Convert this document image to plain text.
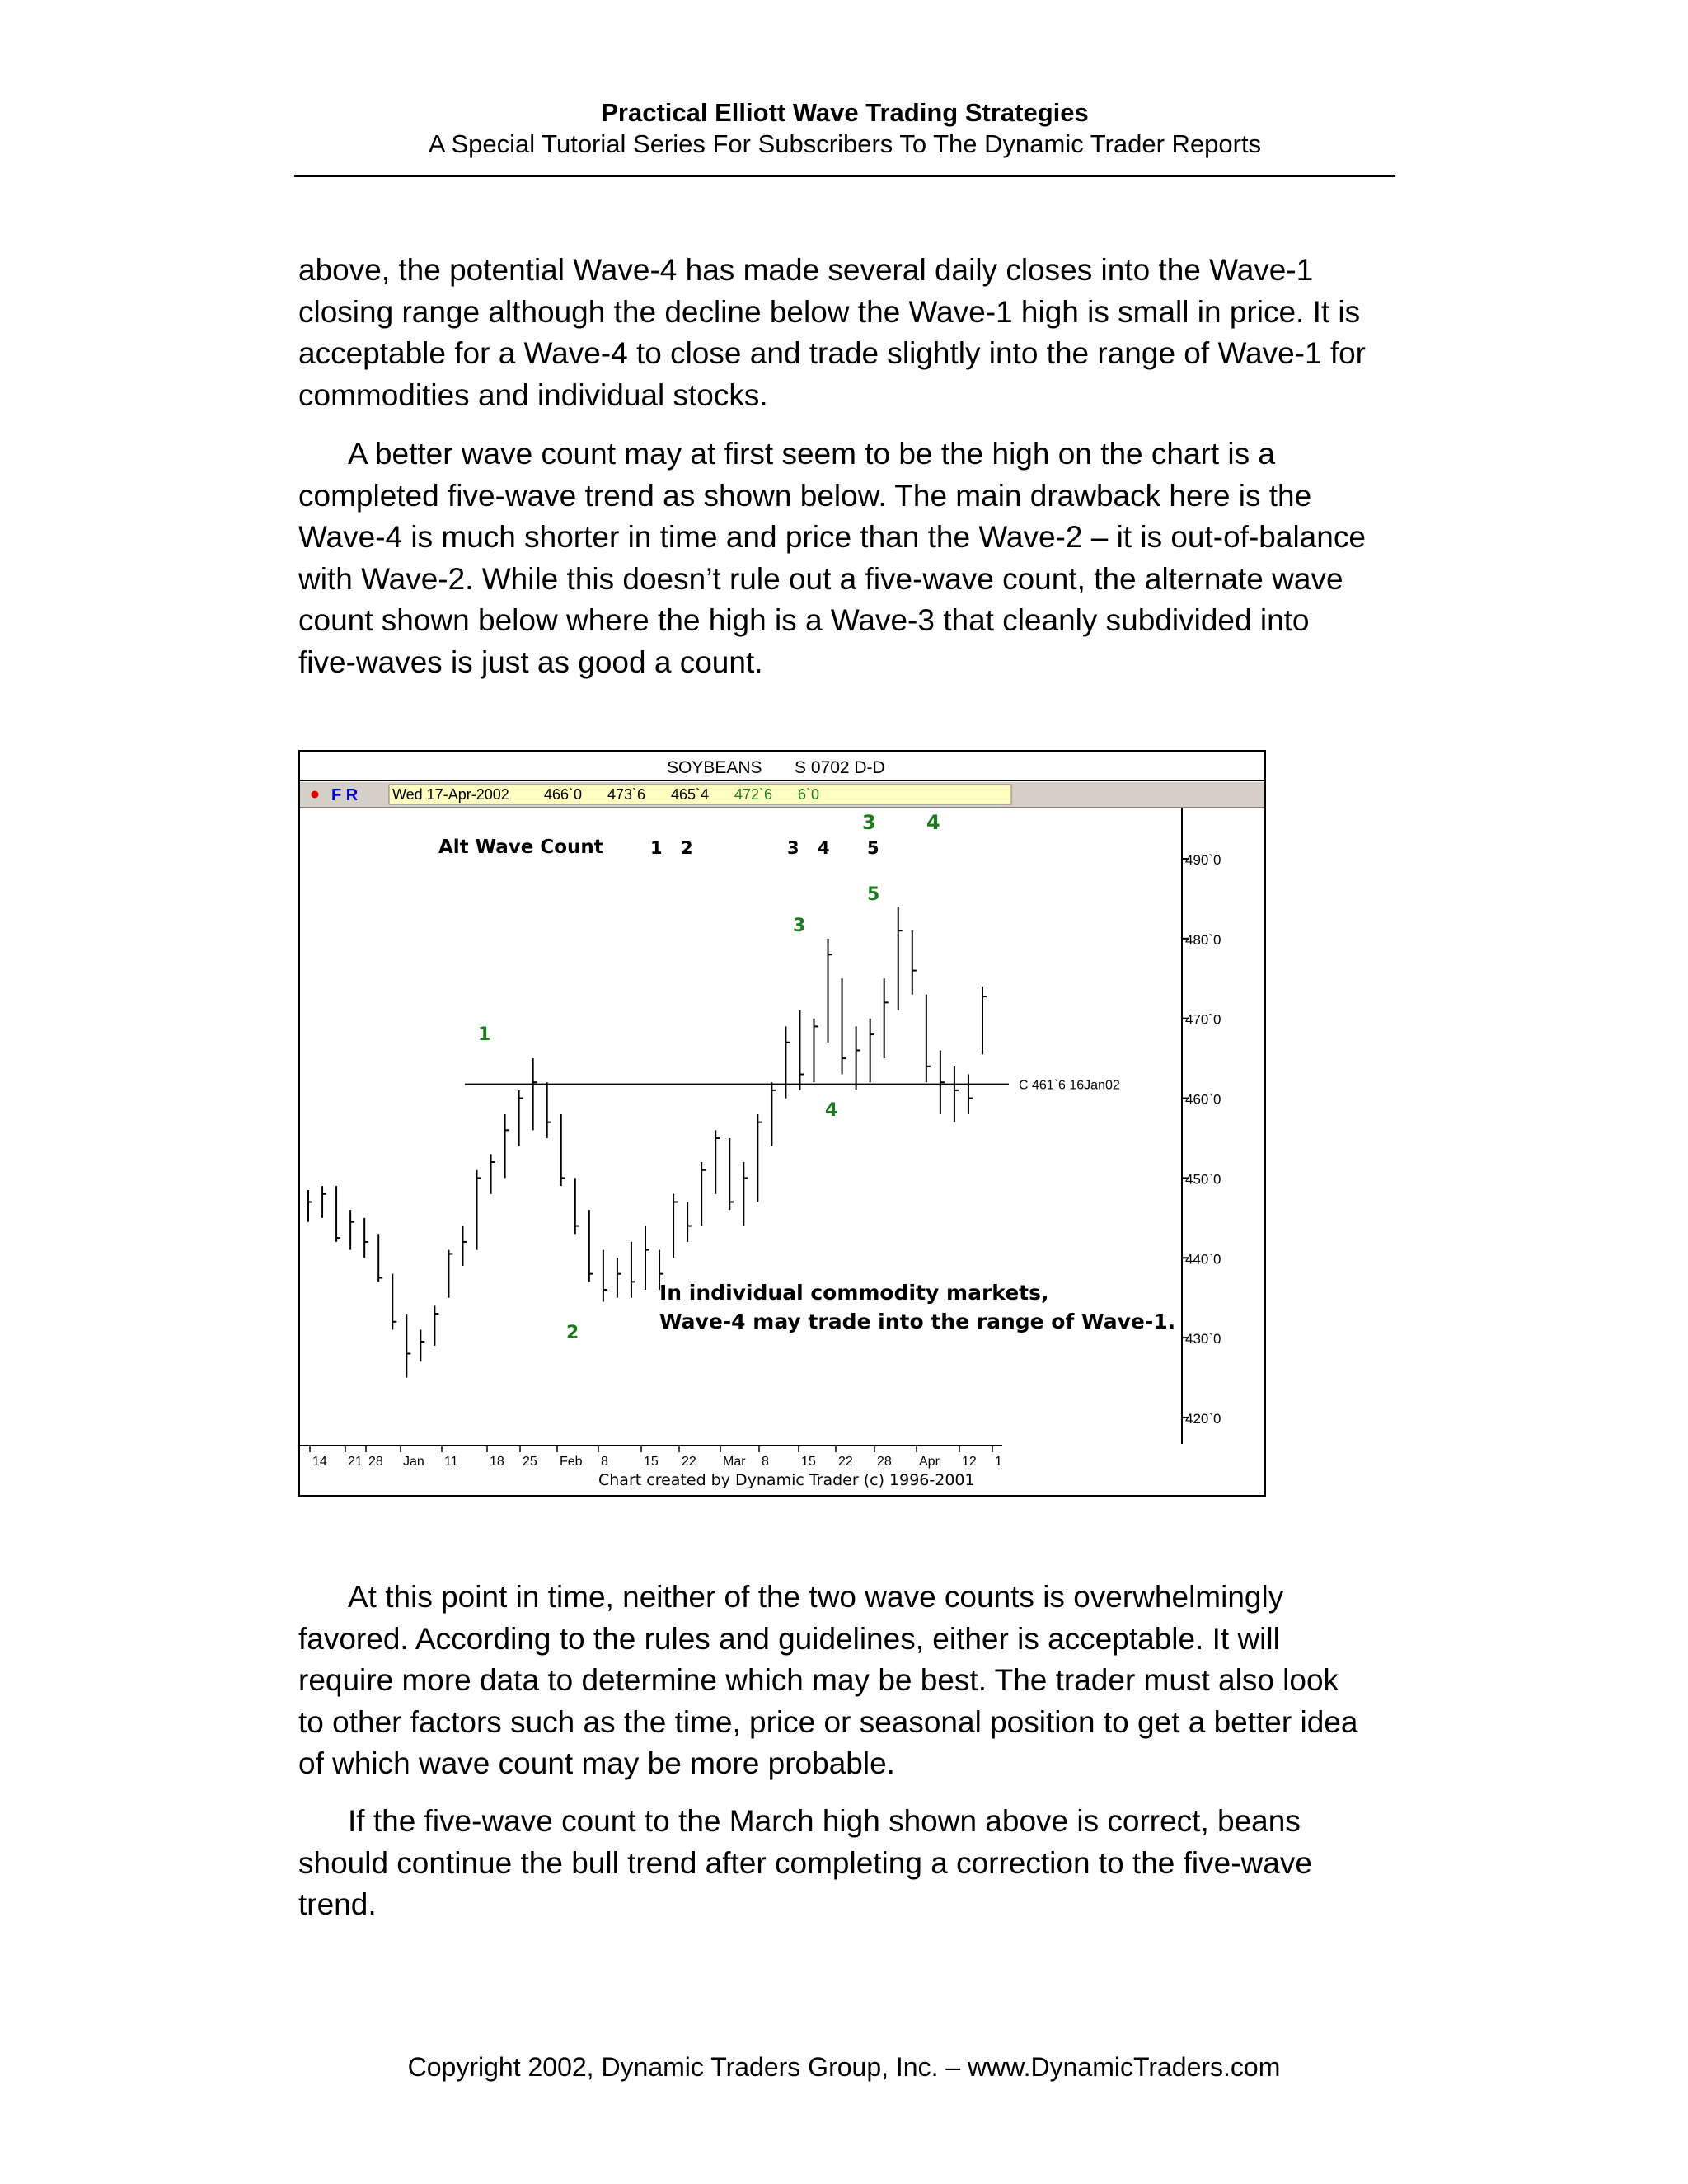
Practical Elliott Wave Trading Strategies
A Special Tutorial Series For Subscribers To The Dynamic Trader Reports

above, the potential Wave-4 has made several daily closes into the Wave-1 closing range although the decline below the Wave-1 high is small in price. It is acceptable for a Wave-4 to close and trade slightly into the range of Wave-1 for commodities and individual stocks.

A better wave count may at first seem to be the high on the chart is a completed five-wave trend as shown below. The main drawback here is the Wave-4 is much shorter in time and price than the Wave-2 – it is out-of-balance with Wave-2. While this doesn’t rule out a five-wave count, the alternate wave count shown below where the high is a Wave-3 that cleanly subdivided into five-waves is just as good a count.

SOYBEANS S 0702 D-D
F R Wed 17-Apr-2002 466`0 473`6 465`4 472`6 6`0
490`0
480`0
470`0
460`0
450`0
440`0
430`0
420`0
14 21 28 Jan 11 18 25 Feb 8	15 22 Mar 8 15 22 28 Apr 12 1
C 461`6 16Jan02
1
2
3
4
5
Alt Wave Count	1 2	3 4 5
3	4
In individual commodity markets,
Wave-4 may trade into the range of Wave-1.
Chart created by Dynamic Trader (c) 1996-2001

At this point in time, neither of the two wave counts is overwhelmingly favored. According to the rules and guidelines, either is acceptable. It will require more data to determine which may be best. The trader must also look to other factors such as the time, price or seasonal position to get a better idea of which wave count may be more probable.

If the five-wave count to the March high shown above is correct, beans should continue the bull trend after completing a correction to the five-wave trend.

Copyright 2002, Dynamic Traders Group, Inc. – www.DynamicTraders.com
